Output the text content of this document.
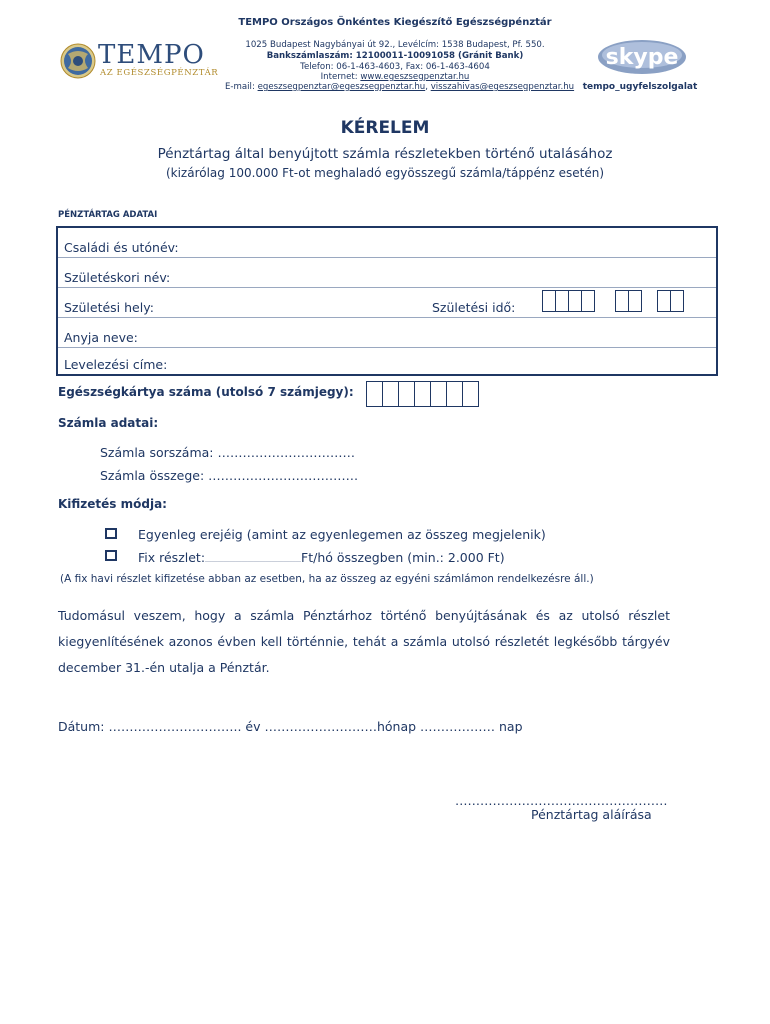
TEMPO
AZ EGÉSZSÉGPÉNZTÁR
TEMPO Országos Önkéntes Kiegészítő Egészségpénztár
1025 Budapest Nagybányai út 92., Levélcím: 1538 Budapest, Pf. 550.
Bankszámlaszám: 12100011-10091058 (Gránit Bank)
Telefon: 06-1-463-4603, Fax: 06-1-463-4604
Internet: www.egeszsegpenztar.hu
E-mail: egeszsegpenztar@egeszsegpenztar.hu, visszahivas@egeszsegpenztar.hu
skype
tempo_ugyfelszolgalat
KÉRELEM
Pénztártag által benyújtott számla részletekben történő utalásához
(kizárólag 100.000 Ft-ot meghaladó egyösszegű számla/táppénz esetén)
PÉNZTÁRTAG ADATAI
Családi és utónév:
Születéskori név:
Születési hely:	Születési idő:
Anyja neve:
Levelezési címe:
Egészségkártya száma (utolsó 7 számjegy):
Számla adatai:
Számla sorszáma: ……………………………
Számla összege: ………………………………
Kifizetés módja:
Egyenleg erejéig (amint az egyenlegemen az összeg megjelenik)
Fix részlet:…………………………………………Ft/hó összegben (min.: 2.000 Ft)
(A fix havi részlet kifizetése abban az esetben, ha az összeg az egyéni számlámon rendelkezésre áll.)
Tudomásul veszem, hogy a számla Pénztárhoz történő benyújtásának és az utolsó részlet kiegyenlítésének azonos évben kell történnie, tehát a számla utolsó részletét legkésőbb tárgyév december 31.-én utalja a Pénztár.
Dátum: ………………………….. év ………………………hónap ……………… nap
……………………………………………
Pénztártag aláírása
